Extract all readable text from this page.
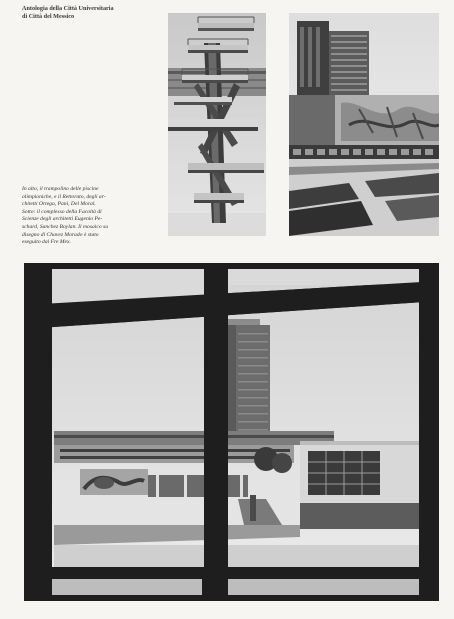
Antologia della Città Universitaria
di Città del Messico
In alto, il trampolino delle piscine
olimpioniche, e il Rettorato, degli ar-
chitetti Ortega, Pani, Del Moral.
Sotto: il complesso della Facoltà di
Scienze degli architetti Eugenio Pe-
schard, Sanchez Boylan. Il mosaico su
disegno di Chavez Morado è stato
eseguito dai Fre Mex.
